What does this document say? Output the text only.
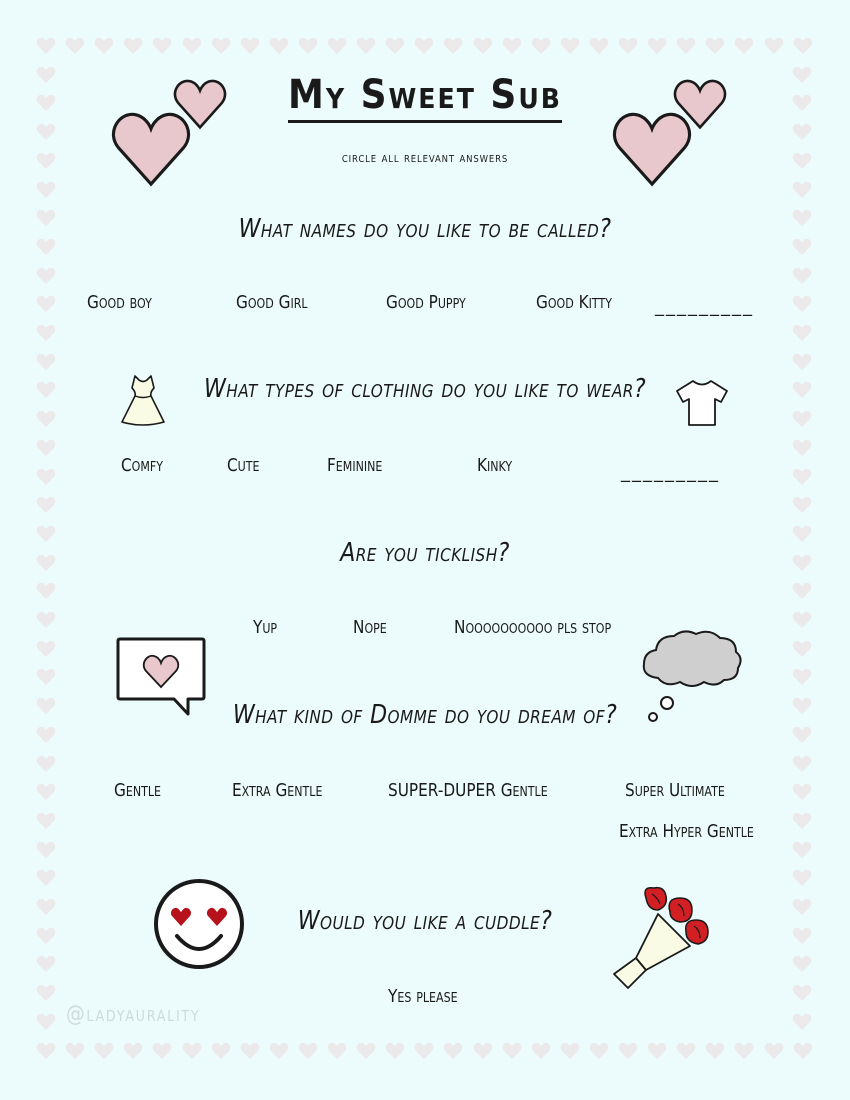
My Sweet Sub
circle all relevant answers
What names do you like to be called?
Good boy	Good Girl	Good Puppy	Good Kitty _________
What types of clothing do you like to wear?
Comfy	Cute	Feminine	Kinky	_________
Are you ticklish?
Yup	Nope	Noooooooooo pls stop
What kind of Domme do you dream of?
Gentle	Extra Gentle	SUPER-DUPER Gentle	Super Ultimate
Extra Hyper Gentle
Would you like a cuddle?
Yes please
@ladyaurality
